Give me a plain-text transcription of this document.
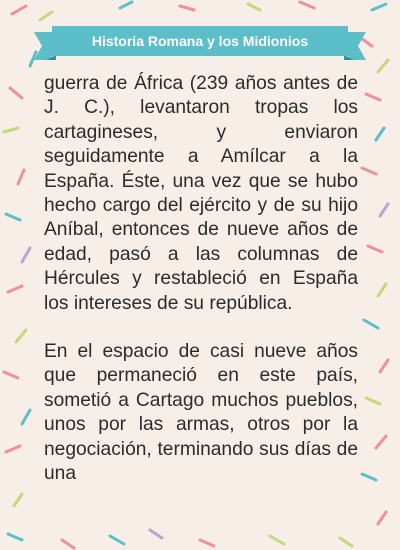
Historia Romana y los Midionios

guerra de África (239 años antes de J. C.), levantaron tropas los cartagineses, y enviaron seguidamente a Amílcar a la España. Éste, una vez que se hubo hecho cargo del ejército y de su hijo Aníbal, entonces de nueve años de edad, pasó a las columnas de Hércules y restableció en España los intereses de su república.

En el espacio de casi nueve años que permaneció en este país, sometió a Cartago muchos pueblos, unos por las armas, otros por la negociación, terminando sus días de una
